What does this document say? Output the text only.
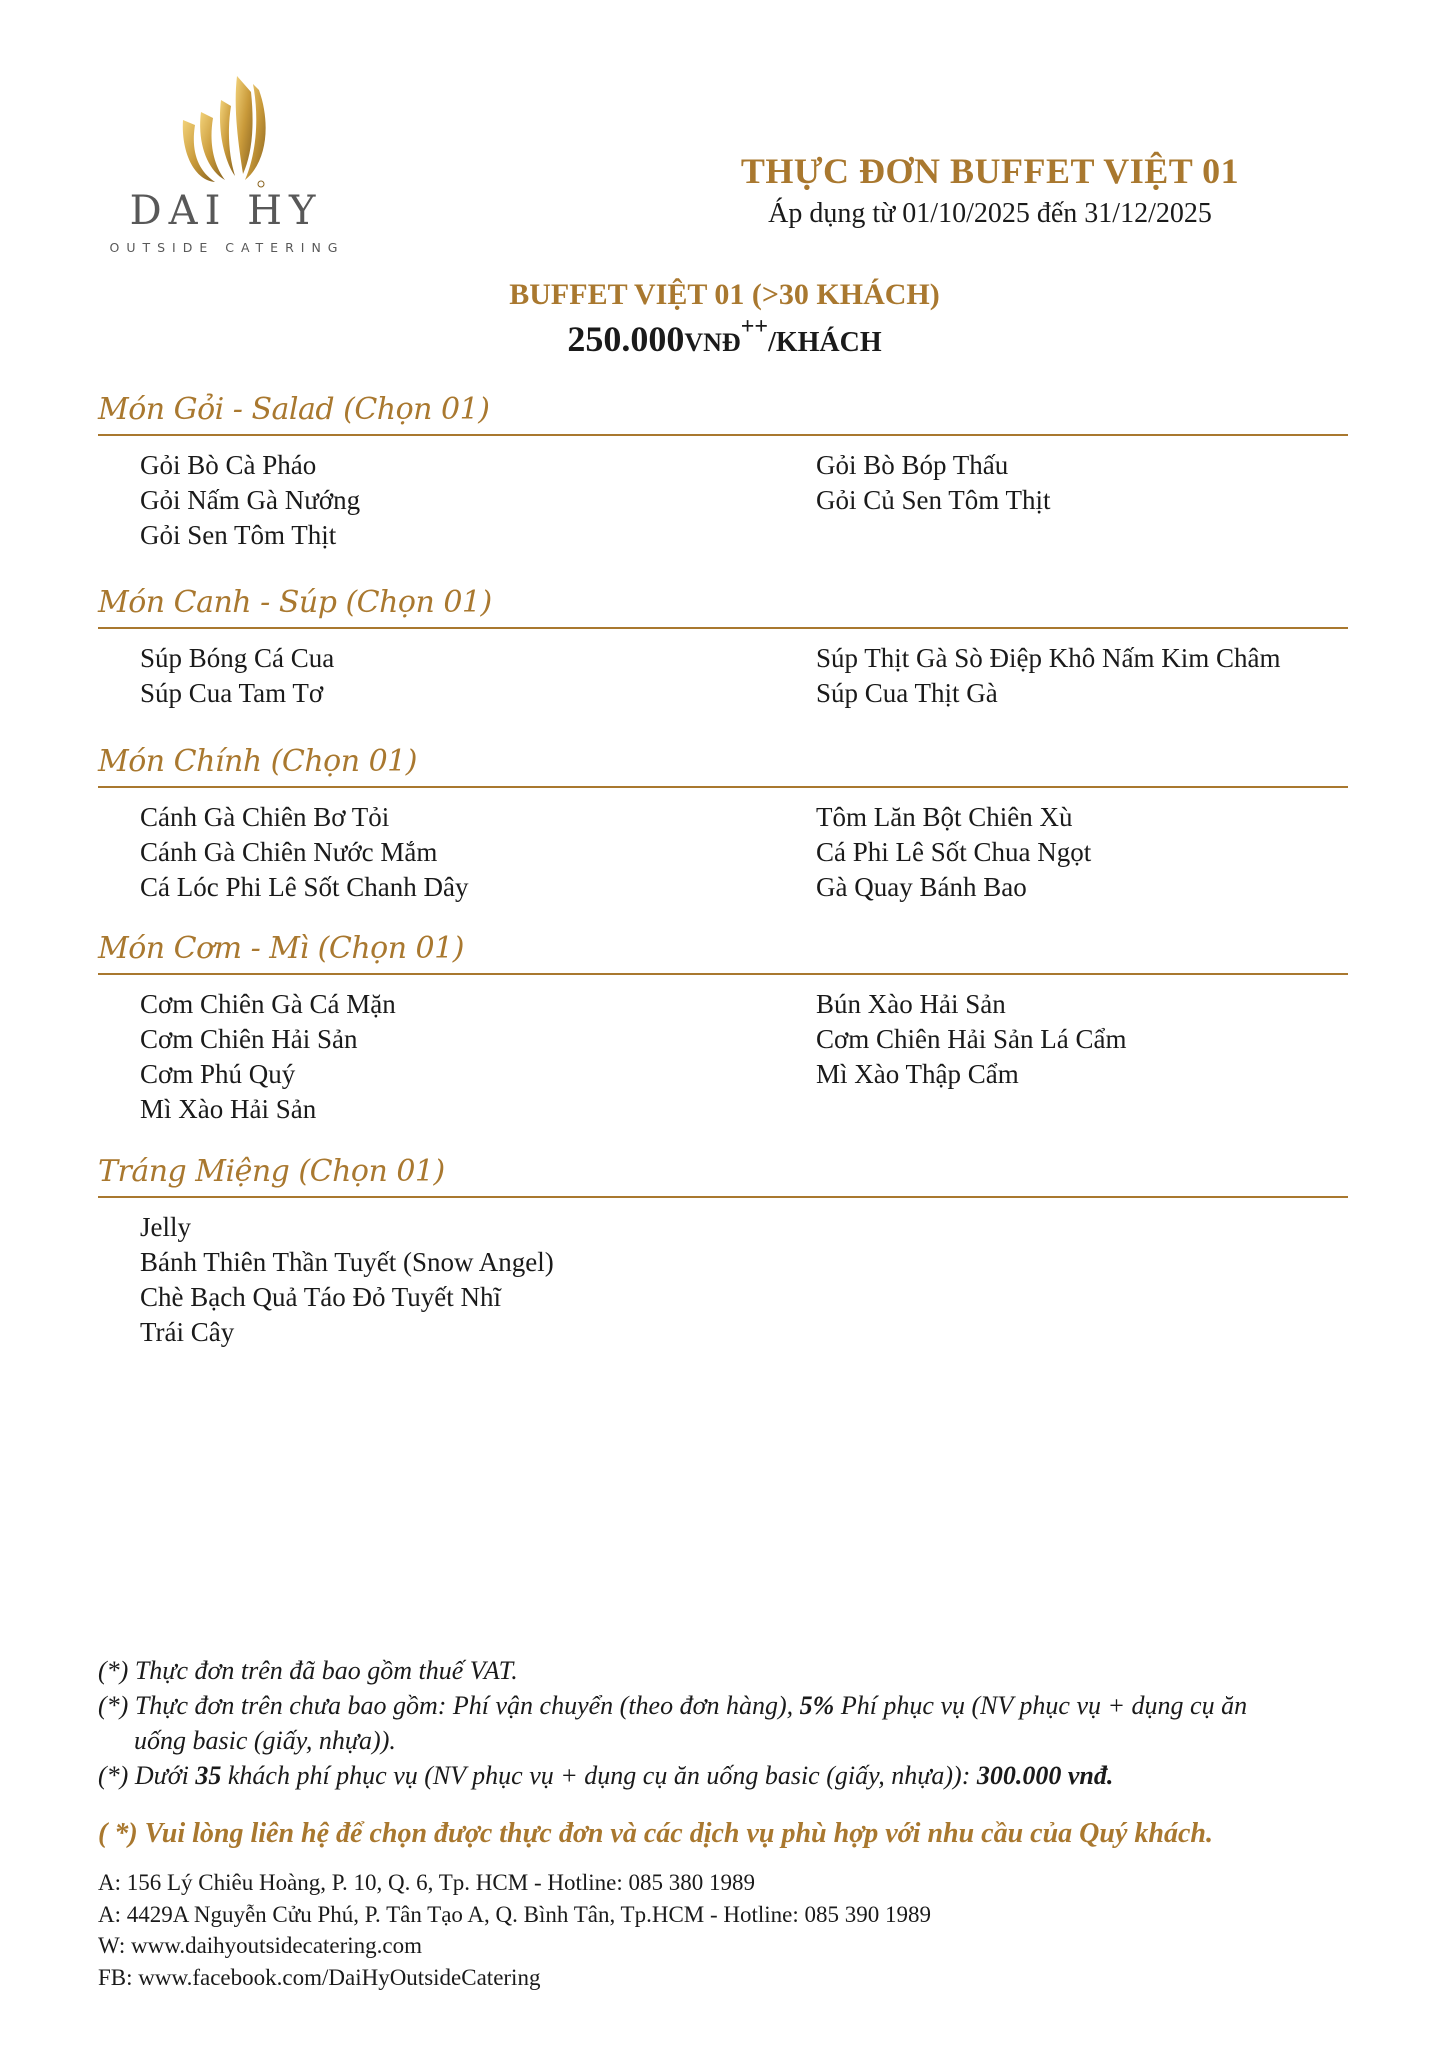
DAI HY
OUTSIDE CATERING
THỰC ĐƠN BUFFET VIỆT 01
Áp dụng từ 01/10/2025 đến 31/12/2025
BUFFET VIỆT 01 (>30 KHÁCH)
250.000VNĐ++/KHÁCH
Món Gỏi - Salad (Chọn 01)
Gỏi Bò Cà Pháo
Gỏi Nấm Gà Nướng
Gỏi Sen Tôm Thịt
Gỏi Bò Bóp Thấu
Gỏi Củ Sen Tôm Thịt
Món Canh - Súp (Chọn 01)
Súp Bóng Cá Cua
Súp Cua Tam Tơ
Súp Thịt Gà Sò Điệp Khô Nấm Kim Châm
Súp Cua Thịt Gà
Món Chính (Chọn 01)
Cánh Gà Chiên Bơ Tỏi
Cánh Gà Chiên Nước Mắm
Cá Lóc Phi Lê Sốt Chanh Dây
Tôm Lăn Bột Chiên Xù
Cá Phi Lê Sốt Chua Ngọt
Gà Quay Bánh Bao
Món Cơm - Mì (Chọn 01)
Cơm Chiên Gà Cá Mặn
Cơm Chiên Hải Sản
Cơm Phú Quý
Mì Xào Hải Sản
Bún Xào Hải Sản
Cơm Chiên Hải Sản Lá Cẩm
Mì Xào Thập Cẩm
Tráng Miệng (Chọn 01)
Jelly
Bánh Thiên Thần Tuyết (Snow Angel)
Chè Bạch Quả Táo Đỏ Tuyết Nhĩ
Trái Cây
(*) Thực đơn trên đã bao gồm thuế VAT.
(*) Thực đơn trên chưa bao gồm: Phí vận chuyển (theo đơn hàng), 5% Phí phục vụ (NV phục vụ + dụng cụ ăn
uống basic (giấy, nhựa)).
(*) Dưới 35 khách phí phục vụ (NV phục vụ + dụng cụ ăn uống basic (giấy, nhựa)): 300.000 vnđ.
( *) Vui lòng liên hệ để chọn được thực đơn và các dịch vụ phù hợp với nhu cầu của Quý khách.
A: 156 Lý Chiêu Hoàng, P. 10, Q. 6, Tp. HCM - Hotline: 085 380 1989
A: 4429A Nguyễn Cửu Phú, P. Tân Tạo A, Q. Bình Tân, Tp.HCM - Hotline: 085 390 1989
W: www.daihyoutsidecatering.com
FB: www.facebook.com/DaiHyOutsideCatering
